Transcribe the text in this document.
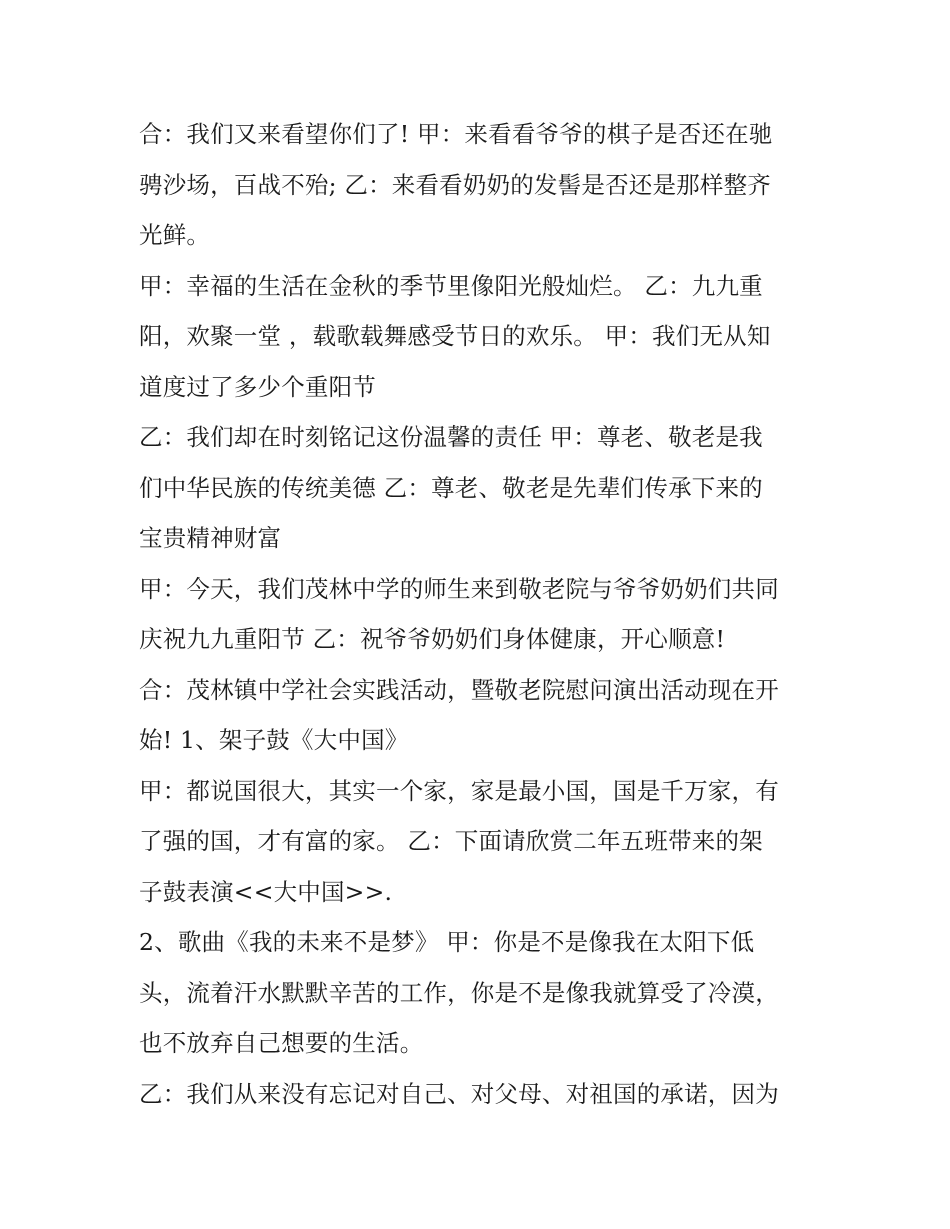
合：我们又来看望你们了! 甲：来看看爷爷的棋子是否还在驰
骋沙场，百战不殆; 乙：来看看奶奶的发髻是否还是那样整齐
光鲜。
甲：幸福的生活在金秋的季节里像阳光般灿烂。 乙：九九重
阳，欢聚一堂 ，载歌载舞感受节日的欢乐。 甲：我们无从知
道度过了多少个重阳节
乙：我们却在时刻铭记这份温馨的责任 甲：尊老、敬老是我
们中华民族的传统美德 乙：尊老、敬老是先辈们传承下来的
宝贵精神财富
甲：今天，我们茂林中学的师生来到敬老院与爷爷奶奶们共同
庆祝九九重阳节 乙：祝爷爷奶奶们身体健康，开心顺意!
合：茂林镇中学社会实践活动，暨敬老院慰问演出活动现在开
始! 1、架子鼓《大中国》
甲：都说国很大，其实一个家，家是最小国，国是千万家，有
了强的国，才有富的家。 乙：下面请欣赏二年五班带来的架
子鼓表演<<大中国>>.
2、歌曲《我的未来不是梦》 甲：你是不是像我在太阳下低
头，流着汗水默默辛苦的工作，你是不是像我就算受了冷漠，
也不放弃自己想要的生活。
乙：我们从来没有忘记对自己、对父母、对祖国的承诺，因为
